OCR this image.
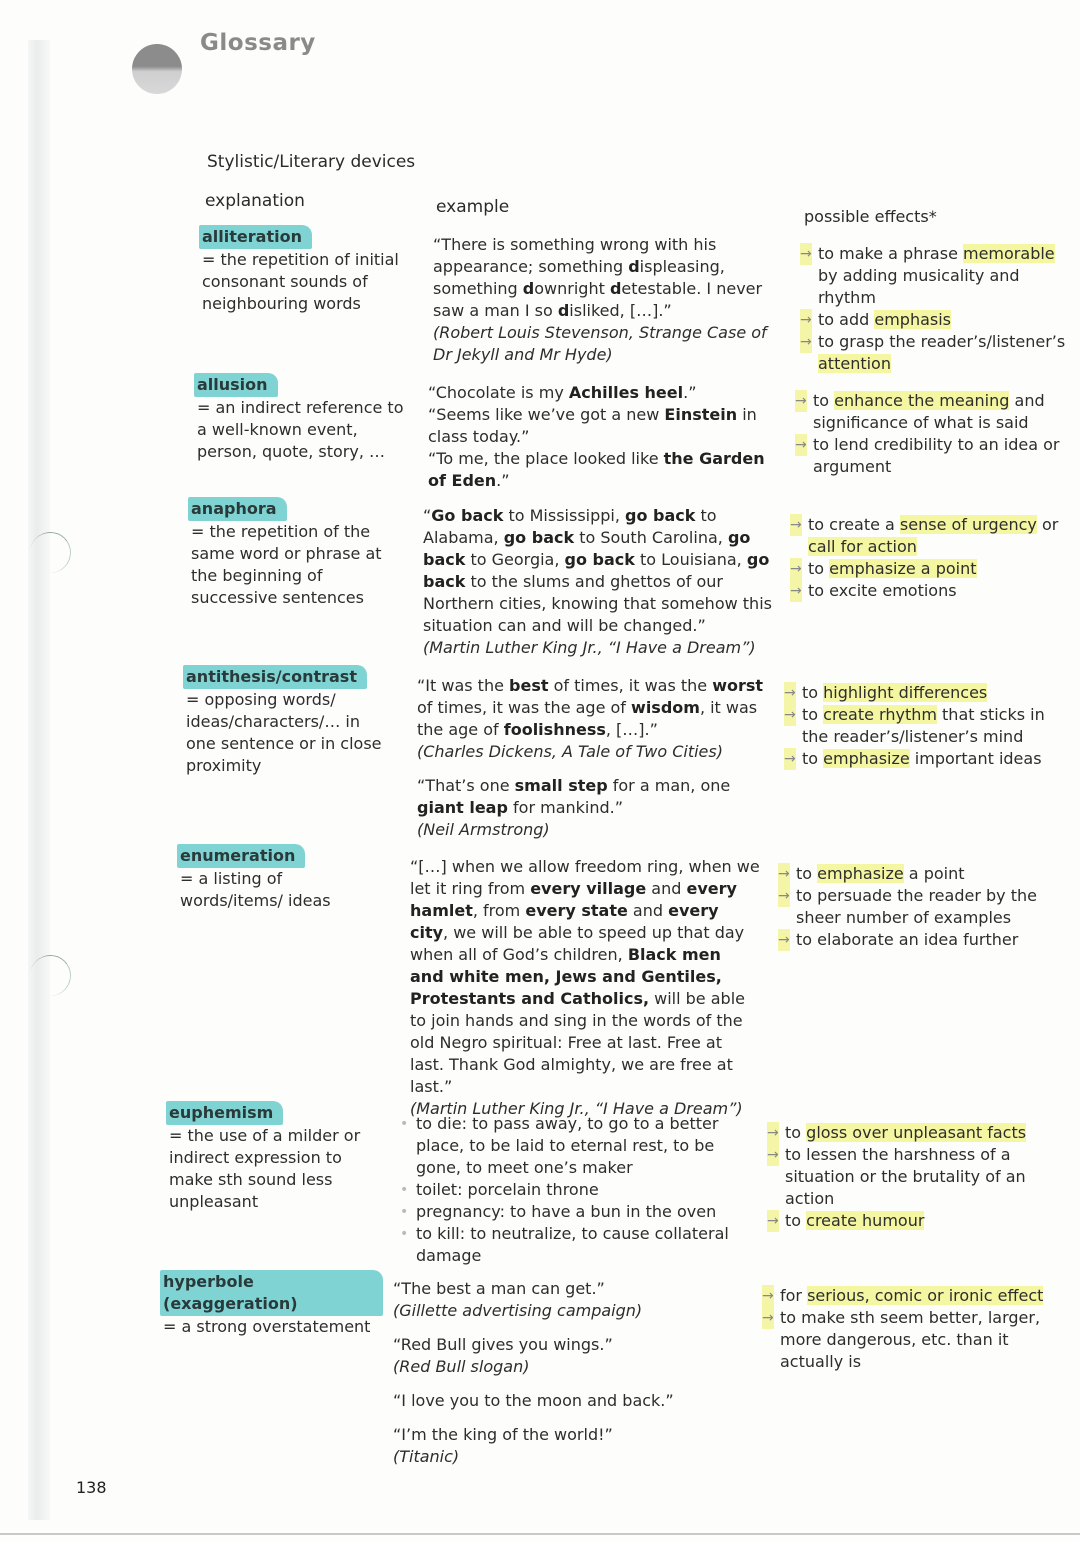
Glossary
Stylistic/Literary devices
explanation	example	possible effects*
alliteration
= the repetition of initial consonant sounds of neighbouring words
“There is something wrong with his appearance; something displeasing, something downright detestable. I never saw a man I so disliked, […].”
(Robert Louis Stevenson, Strange Case of Dr Jekyll and Mr Hyde)
→ to make a phrase memorable by adding musicality and rhythm
→ to add emphasis
→ to grasp the reader’s/listener’s attention
allusion
= an indirect reference to a well-known event, person, quote, story, …
“Chocolate is my Achilles heel.”
“Seems like we’ve got a new Einstein in class today.”
“To me, the place looked like the Garden of Eden.”
→ to enhance the meaning and significance of what is said
→ to lend credibility to an idea or argument
anaphora
= the repetition of the same word or phrase at the beginning of successive sentences
“Go back to Mississippi, go back to Alabama, go back to South Carolina, go back to Georgia, go back to Louisiana, go back to the slums and ghettos of our Northern cities, knowing that somehow this situation can and will be changed.”
(Martin Luther King Jr., “I Have a Dream”)
→ to create a sense of urgency or call for action
→ to emphasize a point
→ to excite emotions
antithesis/contrast
= opposing words/ ideas/characters/… in one sentence or in close proximity
“It was the best of times, it was the worst of times, it was the age of wisdom, it was the age of foolishness, […].”
(Charles Dickens, A Tale of Two Cities)
“That’s one small step for a man, one giant leap for mankind.”
(Neil Armstrong)
→ to highlight differences
→ to create rhythm that sticks in the reader’s/listener’s mind
→ to emphasize important ideas
enumeration
= a listing of words/items/ ideas
“[…] when we allow freedom ring, when we let it ring from every village and every hamlet, from every state and every city, we will be able to speed up that day when all of God’s children, Black men and white men, Jews and Gentiles, Protestants and Catholics, will be able to join hands and sing in the words of the old Negro spiritual: Free at last. Free at last. Thank God almighty, we are free at last.”
(Martin Luther King Jr., “I Have a Dream”)
→ to emphasize a point
→ to persuade the reader by the sheer number of examples
→ to elaborate an idea further
euphemism
= the use of a milder or indirect expression to make sth sound less unpleasant
• to die: to pass away, to go to a better place, to be laid to eternal rest, to be gone, to meet one’s maker
• toilet: porcelain throne
• pregnancy: to have a bun in the oven
• to kill: to neutralize, to cause collateral damage
→ to gloss over unpleasant facts
→ to lessen the harshness of a situation or the brutality of an action
→ to create humour
hyperbole (exaggeration)
= a strong overstatement
“The best a man can get.”
(Gillette advertising campaign)
“Red Bull gives you wings.”
(Red Bull slogan)
“I love you to the moon and back.”
“I’m the king of the world!”
(Titanic)
→ for serious, comic or ironic effect
→ to make sth seem better, larger, more dangerous, etc. than it actually is
138
